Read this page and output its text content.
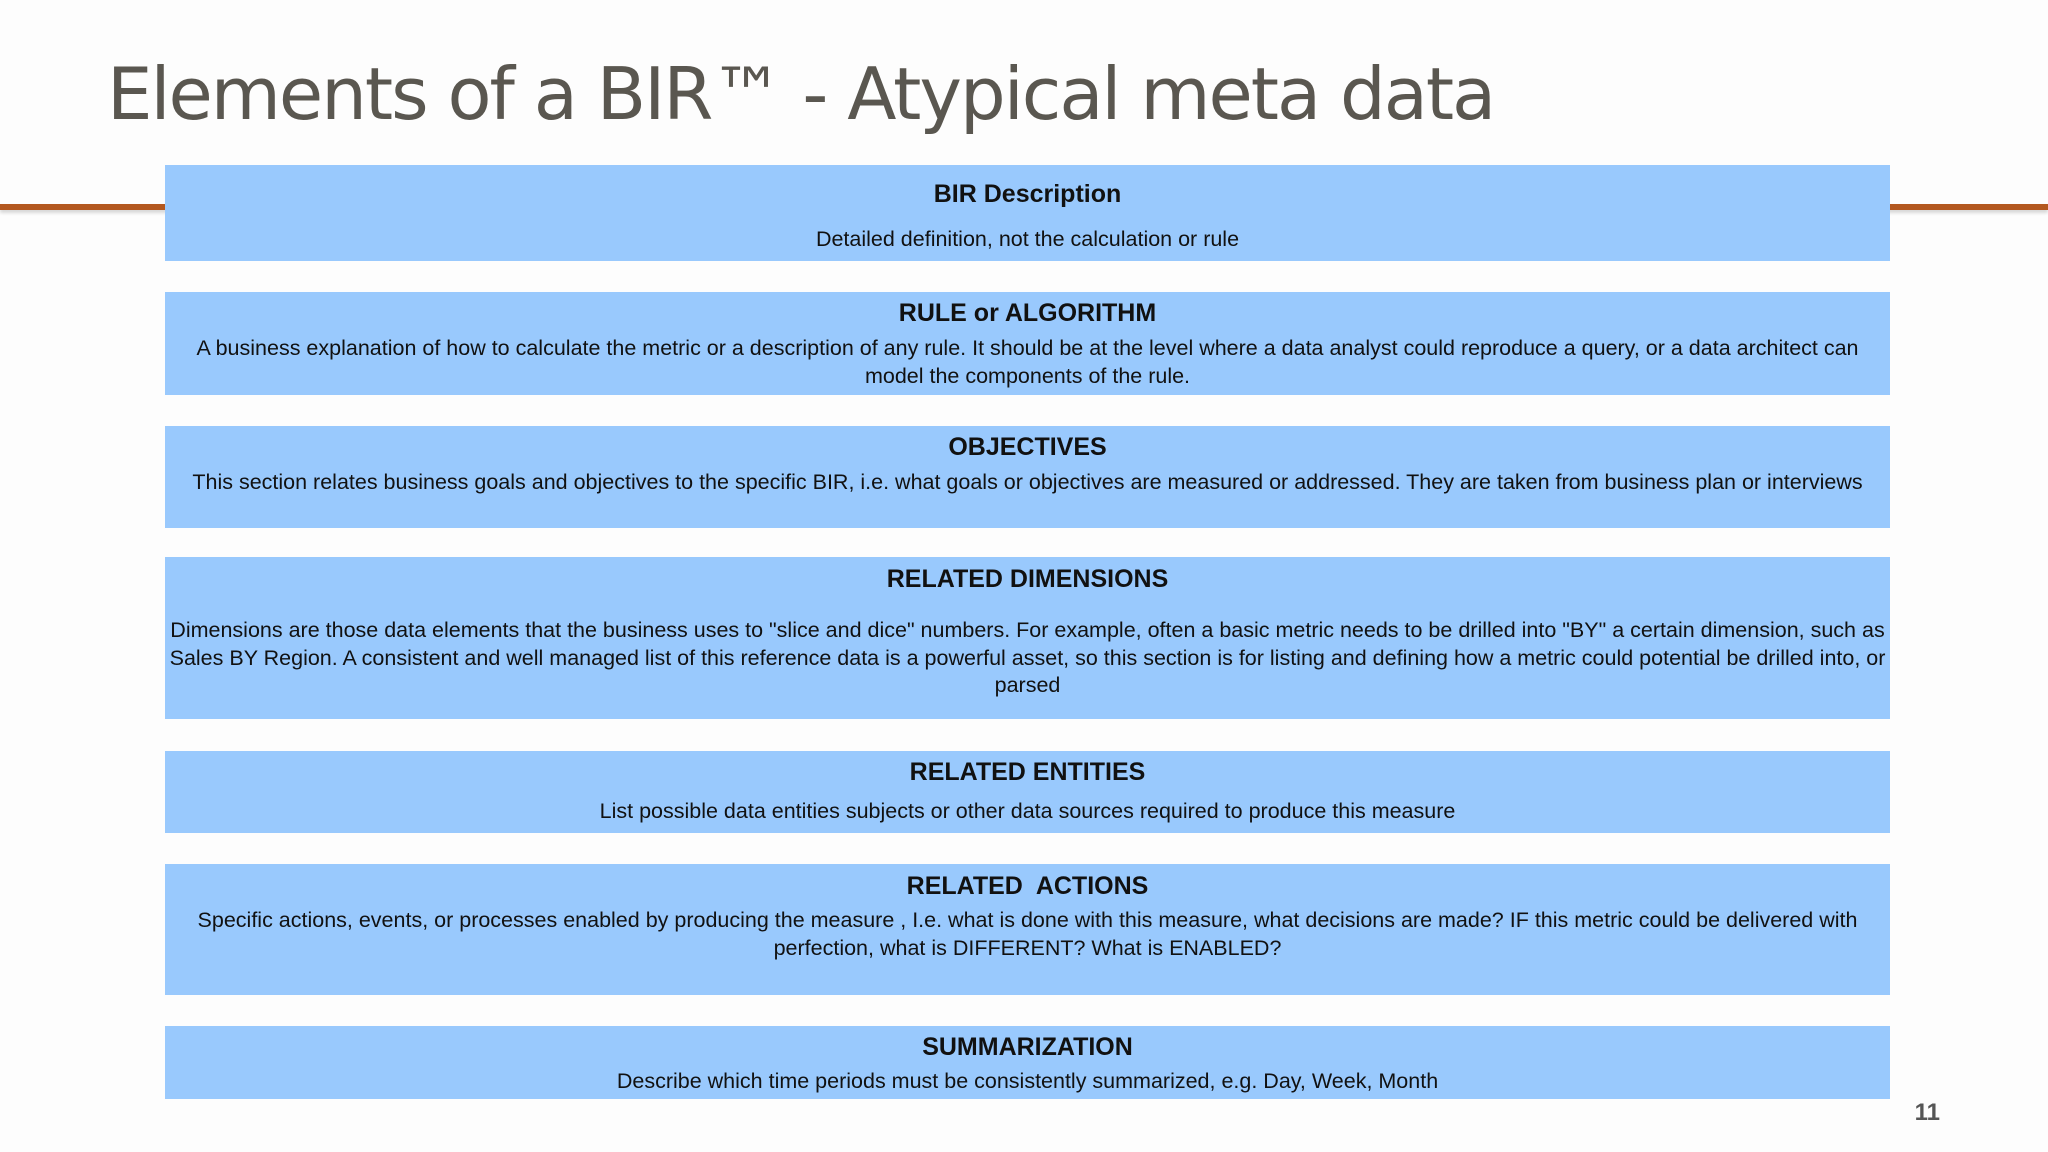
Elements of a BIR™ - Atypical meta data
BIR Description
Detailed definition, not the calculation or rule
RULE or ALGORITHM
A business explanation of how to calculate the metric or a description of any rule. It should be at the level where a data analyst could reproduce a query, or a data architect can model the components of the rule.
OBJECTIVES
This section relates business goals and objectives to the specific BIR, i.e. what goals or objectives are measured or addressed. They are taken from business plan or interviews
RELATED DIMENSIONS
Dimensions are those data elements that the business uses to "slice and dice" numbers. For example, often a basic metric needs to be drilled into "BY" a certain dimension, such as Sales BY Region. A consistent and well managed list of this reference data is a powerful asset, so this section is for listing and defining how a metric could potential be drilled into, or parsed
RELATED ENTITIES
List possible data entities subjects or other data sources required to produce this measure
RELATED  ACTIONS
Specific actions, events, or processes enabled by producing the measure , I.e. what is done with this measure, what decisions are made? IF this metric could be delivered with perfection, what is DIFFERENT? What is ENABLED?
SUMMARIZATION
Describe which time periods must be consistently summarized, e.g. Day, Week, Month
11
